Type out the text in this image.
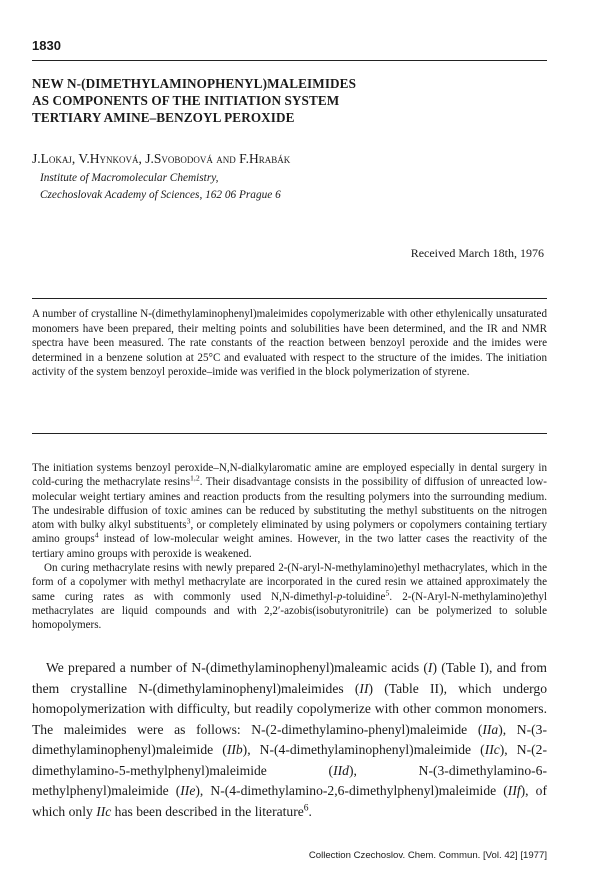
1830
NEW N-(DIMETHYLAMINOPHENYL)MALEIMIDES
AS COMPONENTS OF THE INITIATION SYSTEM
TERTIARY AMINE–BENZOYL PEROXIDE
J.Lokaj, V.Hynková, J.Svobodová and F.Hrabák
Institute of Macromolecular Chemistry,
Czechoslovak Academy of Sciences, 162 06 Prague 6
Received March 18th, 1976
A number of crystalline N-(dimethylaminophenyl)maleimides copolymerizable with other ethylenically unsaturated monomers have been prepared, their melting points and solubilities have been determined, and the IR and NMR spectra have been measured. The rate constants of the reaction between benzoyl peroxide and the imides were determined in a benzene solution at 25°C and evaluated with respect to the structure of the imides. The initiation activity of the system benzoyl peroxide–imide was verified in the block polymerization of styrene.

The initiation systems benzoyl peroxide–N,N-dialkylaromatic amine are employed especially in dental surgery in cold-curing the methacrylate resins$^{1,2}$. Their disadvantage consists in the possibility of diffusion of unreacted low-molecular weight tertiary amines and reaction products from the resulting polymers into the surrounding medium. The undesirable diffusion of toxic amines can be reduced by substituting the methyl substituents on the nitrogen atom with bulky alkyl substituents$^3$, or completely eliminated by using polymers or copolymers containing tertiary amino groups$^4$ instead of low-molecular weight amines. However, in the two latter cases the reactivity of the tertiary amino groups with peroxide is weakened.

On curing methacrylate resins with newly prepared 2-(N-aryl-N-methylamino)ethyl methacrylates, which in the form of a copolymer with methyl methacrylate are incorporated in the cured resin we attained approximately the same curing rates as with commonly used N,N-dimethyl-p-toluidine$^5$. 2-(N-Aryl-N-methylamino)ethyl methacrylates are liquid compounds and with 2,2′-azobis(isobutyronitrile) can be polymerized to soluble homopolymers.

We prepared a number of N-(dimethylaminophenyl)maleamic acids (I) (Table I), and from them crystalline N-(dimethylaminophenyl)maleimides (II) (Table II), which undergo homopolymerization with difficulty, but readily copolymerize with other common monomers. The maleimides were as follows: N-(2-dimethylamino-phenyl)maleimide (IIa), N-(3-dimethylaminophenyl)maleimide (IIb), N-(4-dimethylaminophenyl)maleimide (IIc), N-(2-dimethylamino-5-methylphenyl)maleimide (IId), N-(3-dimethylamino-6-methylphenyl)maleimide (IIe), N-(4-dimethylamino-2,6-dimethylphenyl)maleimide (IIf), of which only IIc has been described in the literature$^6$.

Collection Czechoslov. Chem. Commun. [Vol. 42] [1977]
